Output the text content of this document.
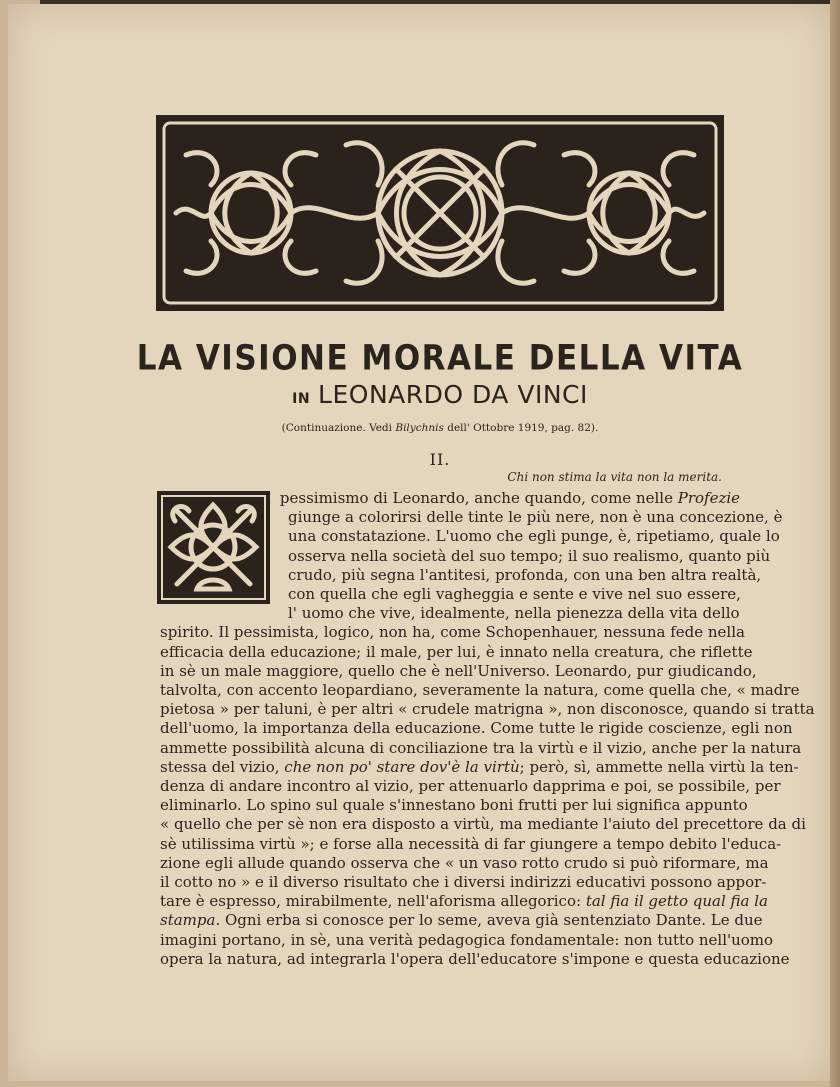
LA VISIONE MORALE DELLA VITA
IN LEONARDO DA VINCI
(Continuazione. Vedi Bilychnis dell' Ottobre 1919, pag. 82).
II.
Chi non stima la vita non la merita.
I pessimismo di Leonardo, anche quando, come nelle Profezie
giunge a colorirsi delle tinte le più nere, non è una concezione, è
una constatazione. L'uomo che egli punge, è, ripetiamo, quale lo
osserva nella società del suo tempo; il suo realismo, quanto più
crudo, più segna l'antitesi, profonda, con una ben altra realtà,
con quella che egli vagheggia e sente e vive nel suo essere,
l' uomo che vive, idealmente, nella pienezza della vita dello
spirito. Il pessimista, logico, non ha, come Schopenhauer, nessuna fede nella
efficacia della educazione; il male, per lui, è innato nella creatura, che riflette
in sè un male maggiore, quello che è nell'Universo. Leonardo, pur giudicando,
talvolta, con accento leopardiano, severamente la natura, come quella che, « madre
pietosa » per taluni, è per altri « crudele matrigna », non disconosce, quando si tratta
dell'uomo, la importanza della educazione. Come tutte le rigide coscienze, egli non
ammette possibilità alcuna di conciliazione tra la virtù e il vizio, anche per la natura
stessa del vizio, che non po' stare dov'è la virtù; però, sì, ammette nella virtù la ten-
denza di andare incontro al vizio, per attenuarlo dapprima e poi, se possibile, per
eliminarlo. Lo spino sul quale s'innestano boni frutti per lui significa appunto
« quello che per sè non era disposto a virtù, ma mediante l'aiuto del precettore da di
sè utilissima virtù »; e forse alla necessità di far giungere a tempo debito l'educa-
zione egli allude quando osserva che « un vaso rotto crudo si può riformare, ma
il cotto no » e il diverso risultato che i diversi indirizzi educativi possono appor-
tare è espresso, mirabilmente, nell'aforisma allegorico: tal fia il getto qual fia la
stampa. Ogni erba si conosce per lo seme, aveva già sentenziato Dante. Le due
imagini portano, in sè, una verità pedagogica fondamentale: non tutto nell'uomo
opera la natura, ad integrarla l'opera dell'educatore s'impone e questa educazione
